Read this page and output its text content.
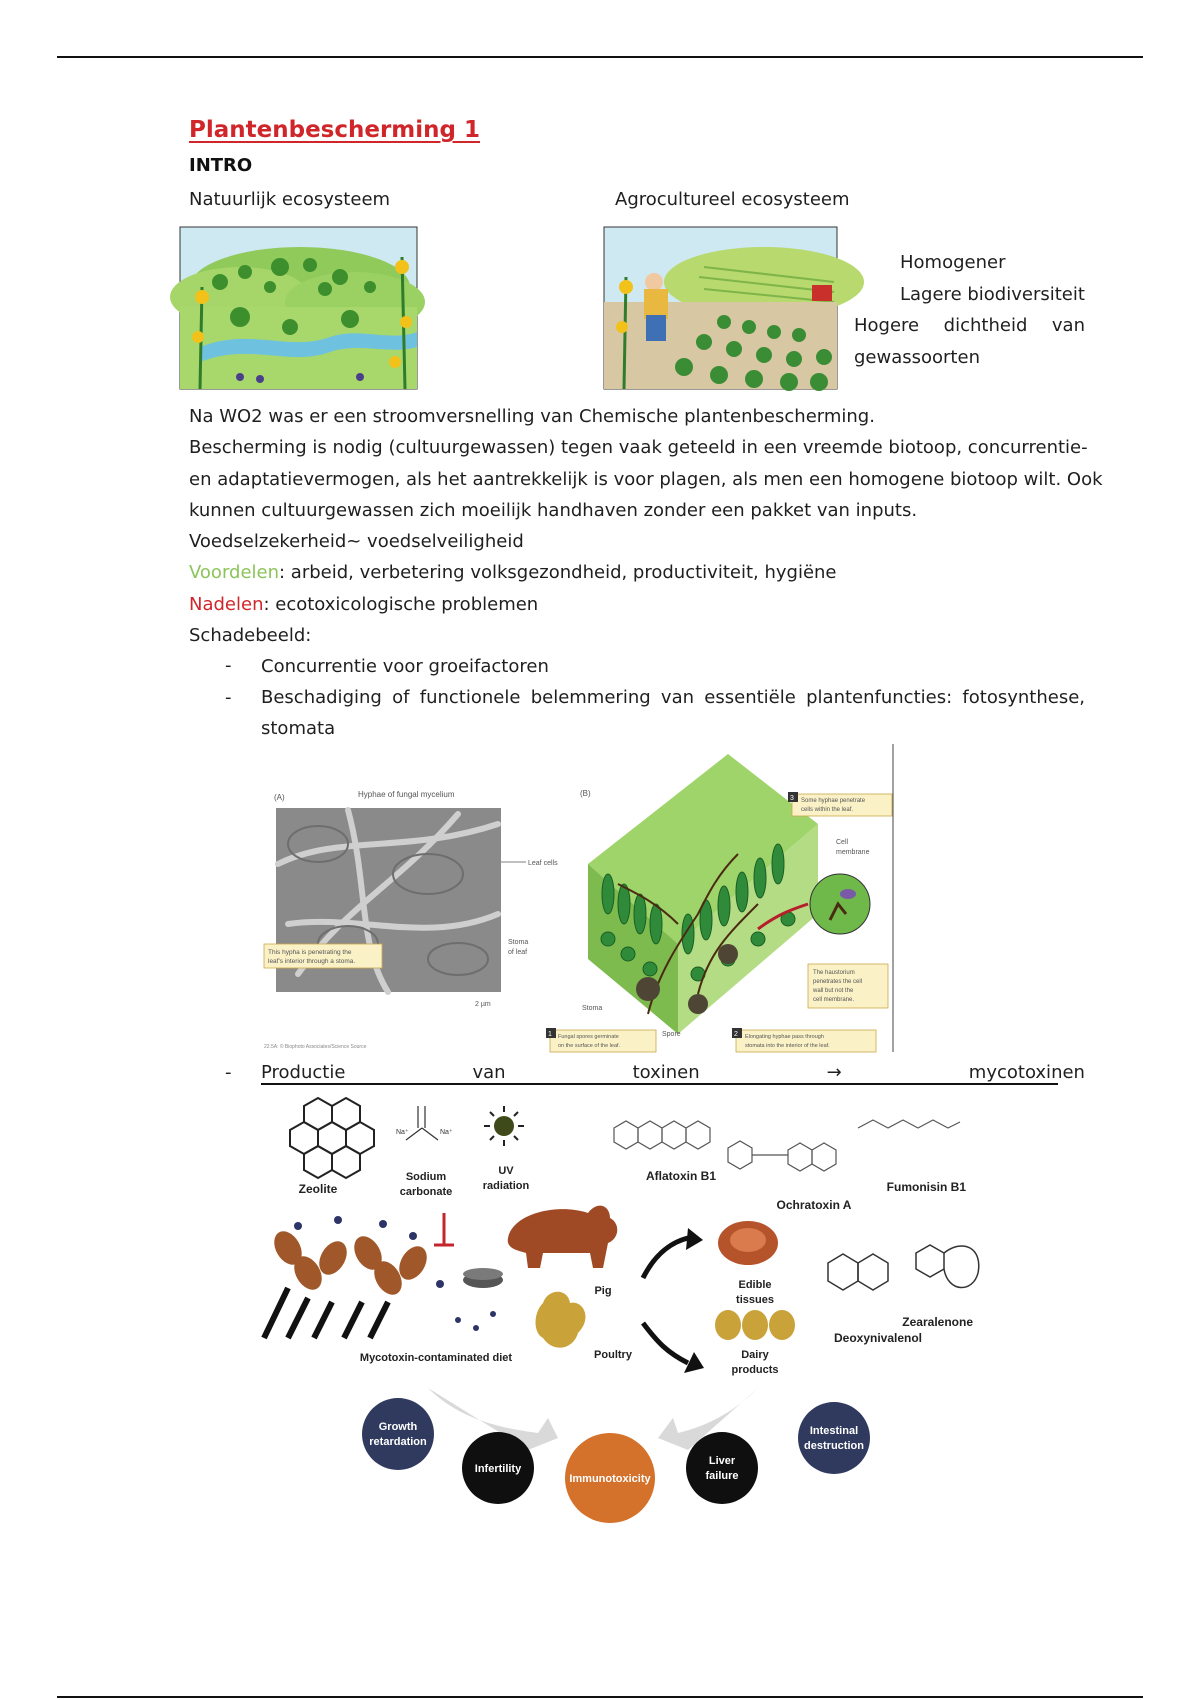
Plantenbescherming 1
INTRO
Natuurlijk ecosysteem	Agrocultureel ecosysteem
Homogener
Lagere biodiversiteit
Hogere dichtheid van
gewassoorten
Na WO2 was er een stroomversnelling van Chemische plantenbescherming.
Bescherming is nodig (cultuurgewassen) tegen vaak geteeld in een vreemde biotoop, concurrentie-
en adaptatievermogen, als het aantrekkelijk is voor plagen, als men een homogene biotoop wilt. Ook
kunnen cultuurgewassen zich moeilijk handhaven zonder een pakket van inputs.
Voedselzekerheid~ voedselveiligheid
Voordelen: arbeid, verbetering volksgezondheid, productiviteit, hygiëne
Nadelen: ecotoxicologische problemen
Schadebeeld:
- Concurrentie voor groeifactoren
- Beschadiging of functionele belemmering van essentiële plantenfuncties: fotosynthese,
stomata
(A)	(B)
Hyphae of fungal mycelium
Leaf cells
Stoma
of leaf
This hypha is penetrating the
leaf's interior through a stoma.
2 µm
22.5A: © Biophoto Associates/Science Source
3 Some hyphae penetrate
cells within the leaf.
Cell
membrane
The haustorium
penetrates the cell
wall but not the
cell membrane.
Stoma
Spore
1 Fungal spores germinate
on the surface of the leaf.
2 Elongating hyphae pass through
stomata into the interior of the leaf.
- Productie	van	toxinen	→	mycotoxinen
Zeolite
Na⁺	Na⁺
Sodium
carbonate
UV
radiation
Aflatoxin B1
Ochratoxin A
Fumonisin B1
Mycotoxin-contaminated diet
Pig
Poultry
Edible
tissues
Dairy
products
Deoxynivalenol
Zearalenone
Growth
retardation
Infertility
Immunotoxicity
Liver
failure
Intestinal
destruction
